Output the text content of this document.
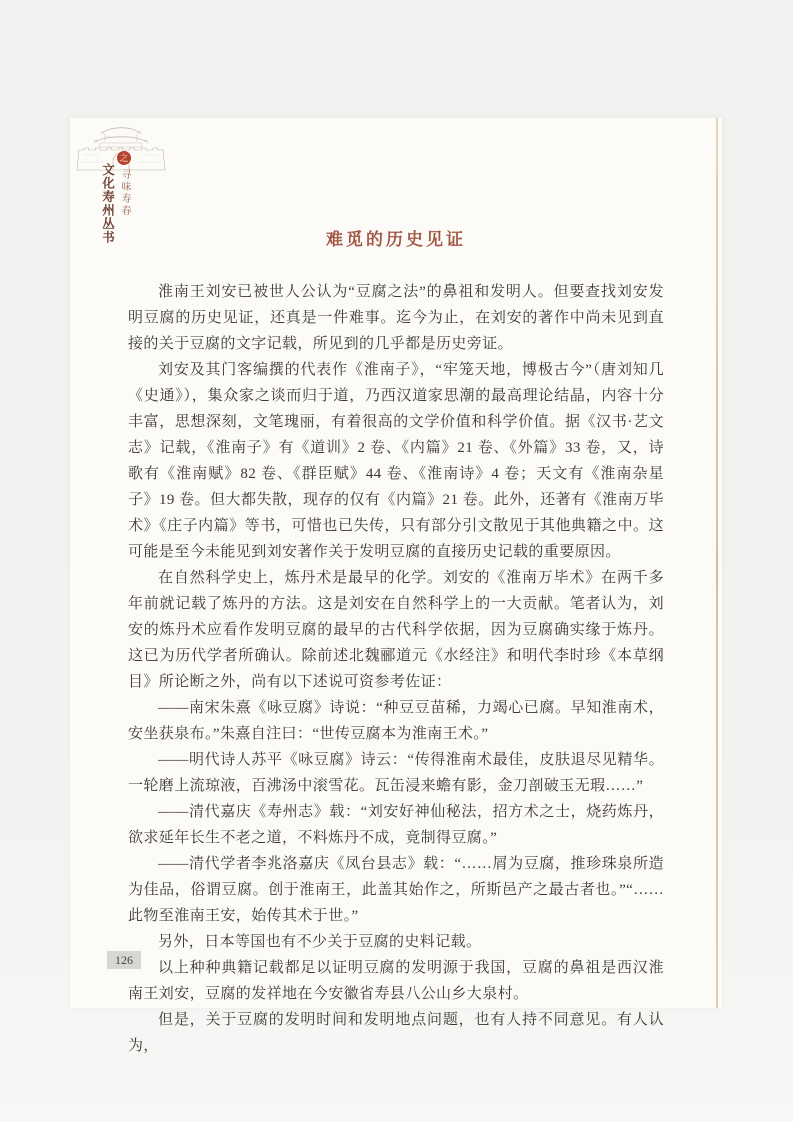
文化寿州丛书
之
寻味寿春
难觅的历史见证

淮南王刘安已被世人公认为“豆腐之法”的鼻祖和发明人。但要查找刘安发明豆腐的历史见证，还真是一件难事。迄今为止，在刘安的著作中尚未见到直接的关于豆腐的文字记载，所见到的几乎都是历史旁证。

刘安及其门客编撰的代表作《淮南子》，“牢笼天地，博极古今”（唐刘知几《史通》），集众家之谈而归于道，乃西汉道家思潮的最高理论结晶，内容十分丰富，思想深刻，文笔瑰丽，有着很高的文学价值和科学价值。据《汉书·艺文志》记载，《淮南子》有《道训》2 卷、《内篇》21 卷、《外篇》33 卷，又，诗歌有《淮南赋》82 卷、《群臣赋》44 卷、《淮南诗》4 卷；天文有《淮南杂星子》19 卷。但大都失散，现存的仅有《内篇》21 卷。此外，还著有《淮南万毕术》《庄子内篇》等书，可惜也已失传，只有部分引文散见于其他典籍之中。这可能是至今未能见到刘安著作关于发明豆腐的直接历史记载的重要原因。

在自然科学史上，炼丹术是最早的化学。刘安的《淮南万毕术》在两千多年前就记载了炼丹的方法。这是刘安在自然科学上的一大贡献。笔者认为，刘安的炼丹术应看作发明豆腐的最早的古代科学依据，因为豆腐确实缘于炼丹。这已为历代学者所确认。除前述北魏郦道元《水经注》和明代李时珍《本草纲目》所论断之外，尚有以下述说可资参考佐证：

——南宋朱熹《咏豆腐》诗说：“种豆豆苗稀，力竭心已腐。早知淮南术，安坐获泉布。”朱熹自注曰：“世传豆腐本为淮南王术。”

——明代诗人苏平《咏豆腐》诗云：“传得淮南术最佳，皮肤退尽见精华。一轮磨上流琼液，百沸汤中滚雪花。瓦缶浸来蟾有影，金刀剖破玉无瑕……”

——清代嘉庆《寿州志》载：“刘安好神仙秘法，招方术之士，烧药炼丹，欲求延年长生不老之道，不料炼丹不成，竟制得豆腐。”

——清代学者李兆洛嘉庆《凤台县志》载：“……屑为豆腐，推珍珠泉所造为佳品，俗谓豆腐。创于淮南王，此盖其始作之，所斯邑产之最古者也。”“……此物至淮南王安，始传其术于世。”

另外，日本等国也有不少关于豆腐的史料记载。

以上种种典籍记载都足以证明豆腐的发明源于我国，豆腐的鼻祖是西汉淮南王刘安，豆腐的发祥地在今安徽省寿县八公山乡大泉村。

但是，关于豆腐的发明时间和发明地点问题，也有人持不同意见。有人认为，

126
